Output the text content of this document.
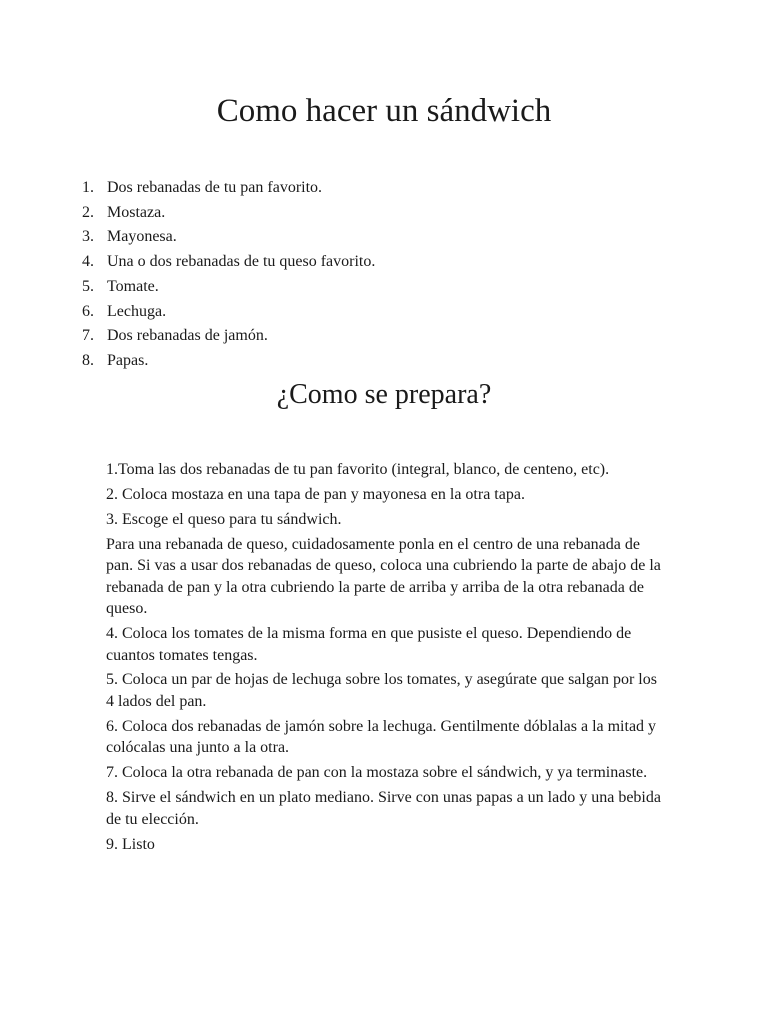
Como hacer un sándwich
1. Dos rebanadas de tu pan favorito.
2. Mostaza.
3. Mayonesa.
4. Una o dos rebanadas de tu queso favorito.
5. Tomate.
6. Lechuga.
7. Dos rebanadas de jamón.
8. Papas.
¿Como se prepara?

1.Toma las dos rebanadas de tu pan favorito (integral, blanco, de centeno, etc).

2. Coloca mostaza en una tapa de pan y mayonesa en la otra tapa.

3. Escoge el queso para tu sándwich.

Para una rebanada de queso, cuidadosamente ponla en el centro de una rebanada de pan. Si vas a usar dos rebanadas de queso, coloca una cubriendo la parte de abajo de la rebanada de pan y la otra cubriendo la parte de arriba y arriba de la otra rebanada de queso.

4. Coloca los tomates de la misma forma en que pusiste el queso. Dependiendo de cuantos tomates tengas.

5. Coloca un par de hojas de lechuga sobre los tomates, y asegúrate que salgan por los 4 lados del pan.

6. Coloca dos rebanadas de jamón sobre la lechuga. Gentilmente dóblalas a la mitad y colócalas una junto a la otra.

7. Coloca la otra rebanada de pan con la mostaza sobre el sándwich, y ya terminaste.

8. Sirve el sándwich en un plato mediano. Sirve con unas papas a un lado y una bebida de tu elección.

9. Listo
